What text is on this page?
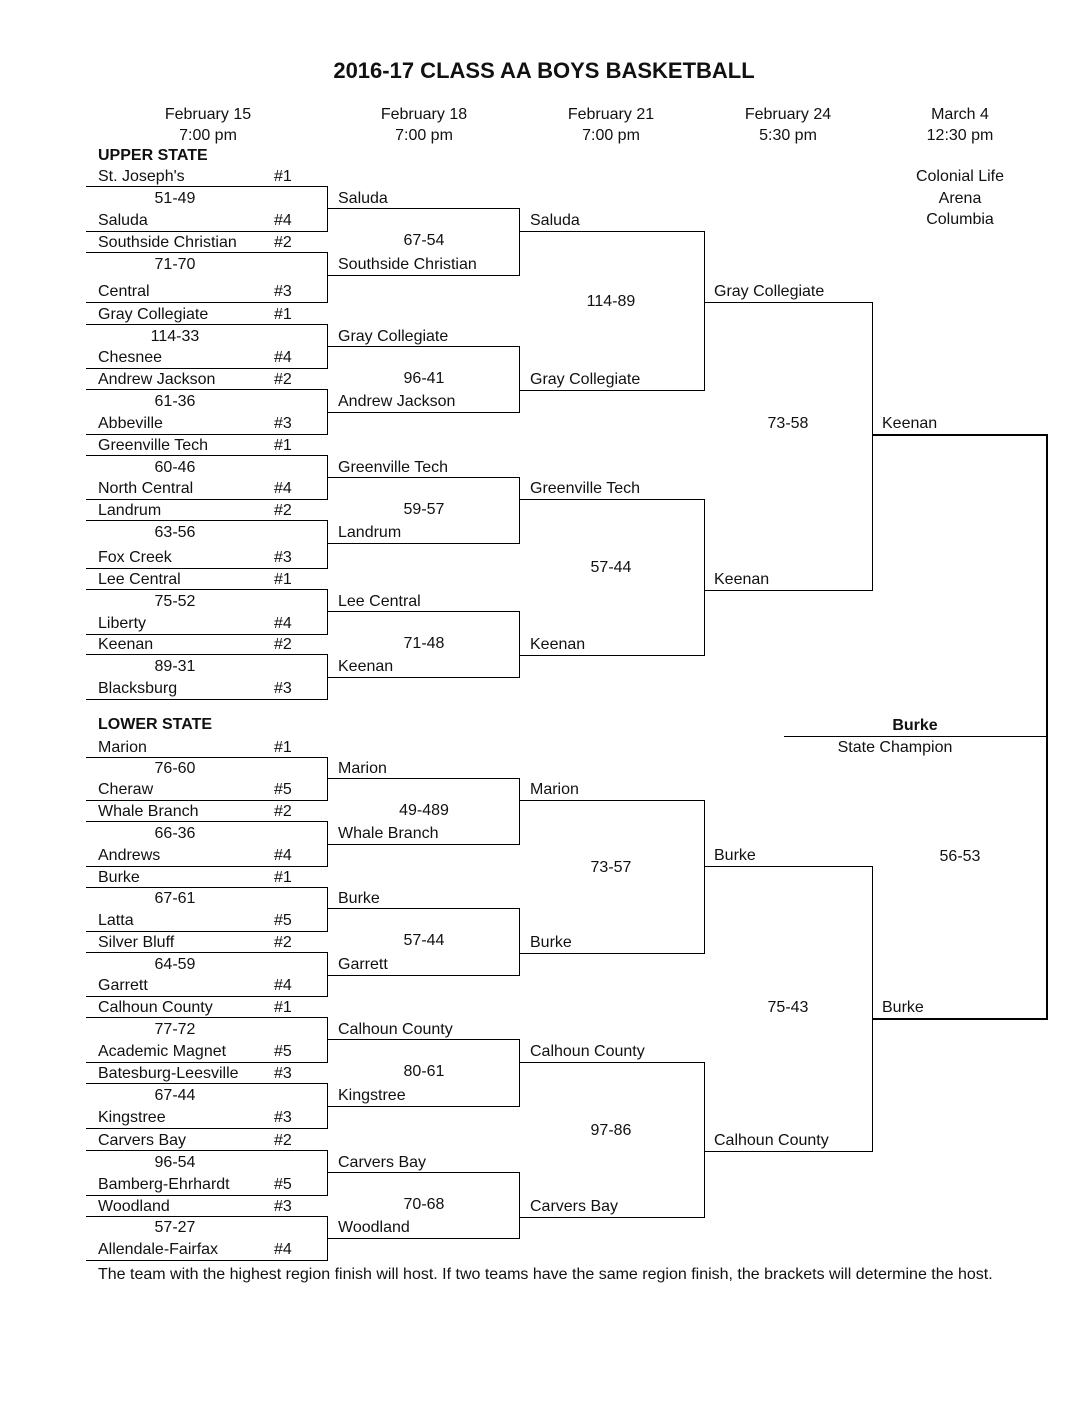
2016-17 CLASS AA BOYS BASKETBALL
February 15
7:00 pm
February 18
7:00 pm
February 21
7:00 pm
February 24
5:30 pm
March 4
12:30 pm
Colonial Life
Arena
Columbia
UPPER STATE
St. Joseph's	#1
51-49
Saluda	#4
Southside Christian #2
71-70
Central	#3
Gray Collegiate	#1
114-33
Chesnee	#4
Andrew Jackson	#2
61-36
Abbeville	#3
Greenville Tech	#1
60-46
North Central	#4
Landrum	#2
63-56
Fox Creek	#3
Lee Central	#1
75-52
Liberty	#4
Keenan	#2
89-31
Blacksburg	#3
Saluda
Southside Christian
67-54
Gray Collegiate
Andrew Jackson
96-41
Greenville Tech
Landrum
59-57
Lee Central
Keenan
71-48
Saluda
Gray Collegiate
114-89
Greenville Tech
Keenan
57-44
Gray Collegiate
Keenan
73-58	Keenan
LOWER STATE
Marion	#1
76-60
Cheraw	#5
Whale Branch	#2
66-36
Andrews	#4
Burke	#1
67-61
Latta	#5
Silver Bluff	#2
64-59
Garrett	#4
Calhoun County	#1
77-72
Academic Magnet	#5
Batesburg-Leesville #3
67-44
Kingstree	#3
Carvers Bay	#2
96-54
Bamberg-Ehrhardt	#5
Woodland	#3
57-27
Allendale-Fairfax	#4
Marion
Whale Branch
49-489
Burke
Garrett
57-44
Calhoun County
Kingstree
80-61
Carvers Bay
Woodland
70-68
Marion
Burke
73-57
Calhoun County
Carvers Bay
97-86
Burke
Calhoun County
75-43	Burke
56-53
Burke
State Champion
The team with the highest region finish will host. If two teams have the same region finish, the brackets will determine the host.
